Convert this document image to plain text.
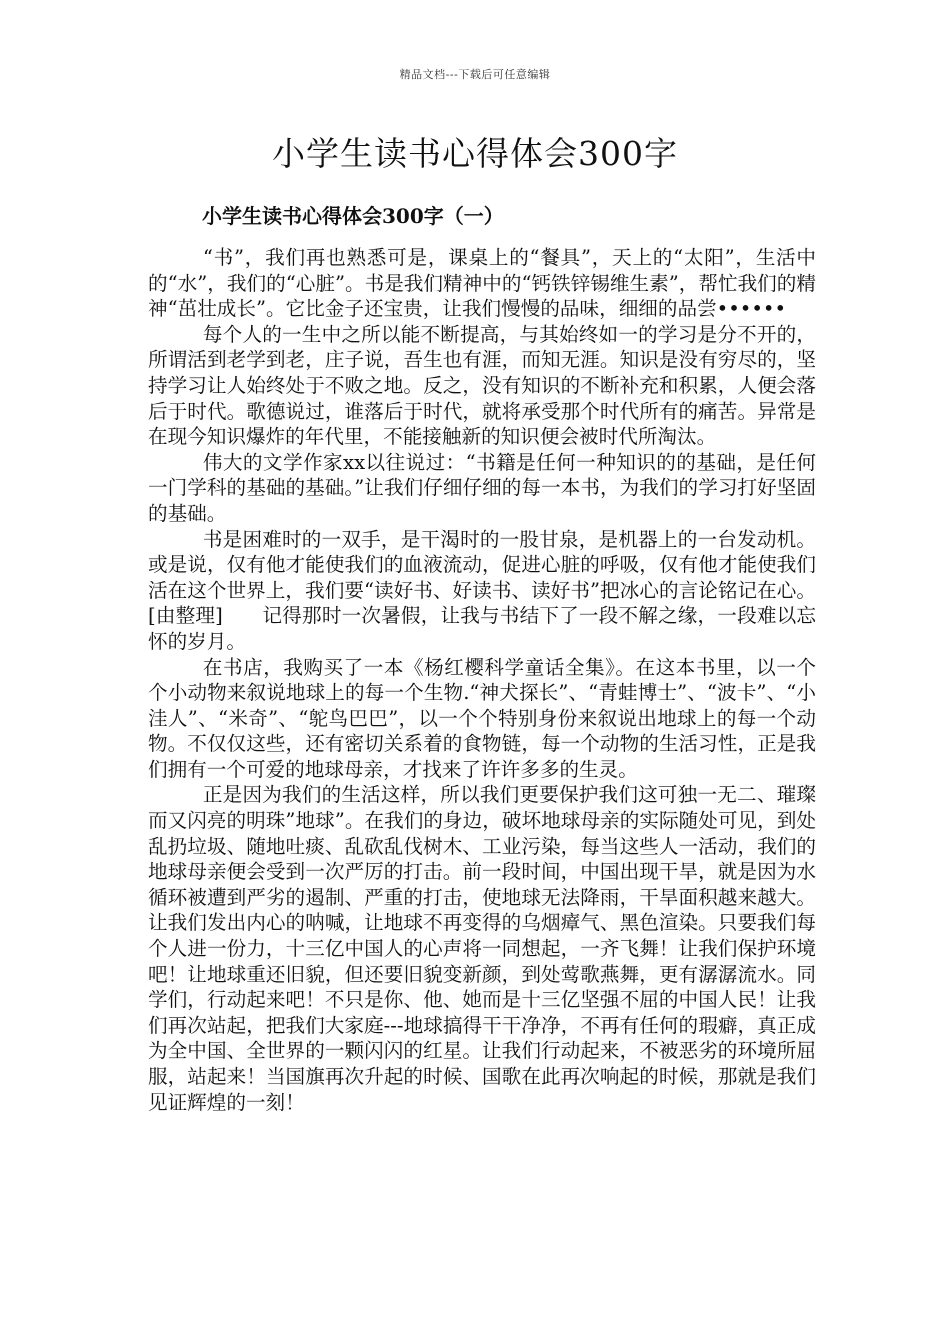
精品文档---下载后可任意编辑
小学生读书心得体会300字
小学生读书心得体会300字（一）

“书”，我们再也熟悉可是，课桌上的“餐具”，天上的“太阳”，生活中的“水”，我们的“心脏”。书是我们精神中的“钙铁锌锡维生素”，帮忙我们的精神“茁壮成长”。它比金子还宝贵，让我们慢慢的品味，细细的品尝••••••

每个人的一生中之所以能不断提高，与其始终如一的学习是分不开的，所谓活到老学到老，庄子说，吾生也有涯，而知无涯。知识是没有穷尽的，坚持学习让人始终处于不败之地。反之，没有知识的不断补充和积累，人便会落后于时代。歌德说过，谁落后于时代，就将承受那个时代所有的痛苦。异常是在现今知识爆炸的年代里，不能接触新的知识便会被时代所淘汰。

伟大的文学作家xx以往说过：“书籍是任何一种知识的的基础，是任何一门学科的基础的基础。”让我们仔细仔细的每一本书，为我们的学习打好坚固的基础。

书是困难时的一双手，是干渴时的一股甘泉，是机器上的一台发动机。或是说，仅有他才能使我们的血液流动，促进心脏的呼吸，仅有他才能使我们活在这个世界上，我们要“读好书、好读书、读好书”把冰心的言论铭记在心。[由整理]　　记得那时一次暑假，让我与书结下了一段不解之缘，一段难以忘怀的岁月。

在书店，我购买了一本《杨红樱科学童话全集》。在这本书里，以一个个小动物来叙说地球上的每一个生物.“神犬探长”、“青蛙博士”、“波卡”、“小洼人”、“米奇”、“鸵鸟巴巴”，以一个个特别身份来叙说出地球上的每一个动物。不仅仅这些，还有密切关系着的食物链，每一个动物的生活习性，正是我们拥有一个可爱的地球母亲，才找来了许许多多的生灵。

正是因为我们的生活这样，所以我们更要保护我们这可独一无二、璀璨而又闪亮的明珠”地球”。在我们的身边，破坏地球母亲的实际随处可见，到处乱扔垃圾、随地吐痰、乱砍乱伐树木、工业污染，每当这些人一活动，我们的地球母亲便会受到一次严厉的打击。前一段时间，中国出现干旱，就是因为水循环被遭到严劣的遏制、严重的打击，使地球无法降雨，干旱面积越来越大。让我们发出内心的呐喊，让地球不再变得的乌烟瘴气、黑色渲染。只要我们每个人进一份力，十三亿中国人的心声将一同想起，一齐飞舞！让我们保护环境吧！让地球重还旧貌，但还要旧貌变新颜，到处莺歌燕舞，更有潺潺流水。同学们，行动起来吧！不只是你、他、她而是十三亿坚强不屈的中国人民！让我们再次站起，把我们大家庭---地球搞得干干净净，不再有任何的瑕癖，真正成为全中国、全世界的一颗闪闪的红星。让我们行动起来，不被恶劣的环境所屈服，站起来！当国旗再次升起的时候、国歌在此再次响起的时候，那就是我们见证辉煌的一刻！
